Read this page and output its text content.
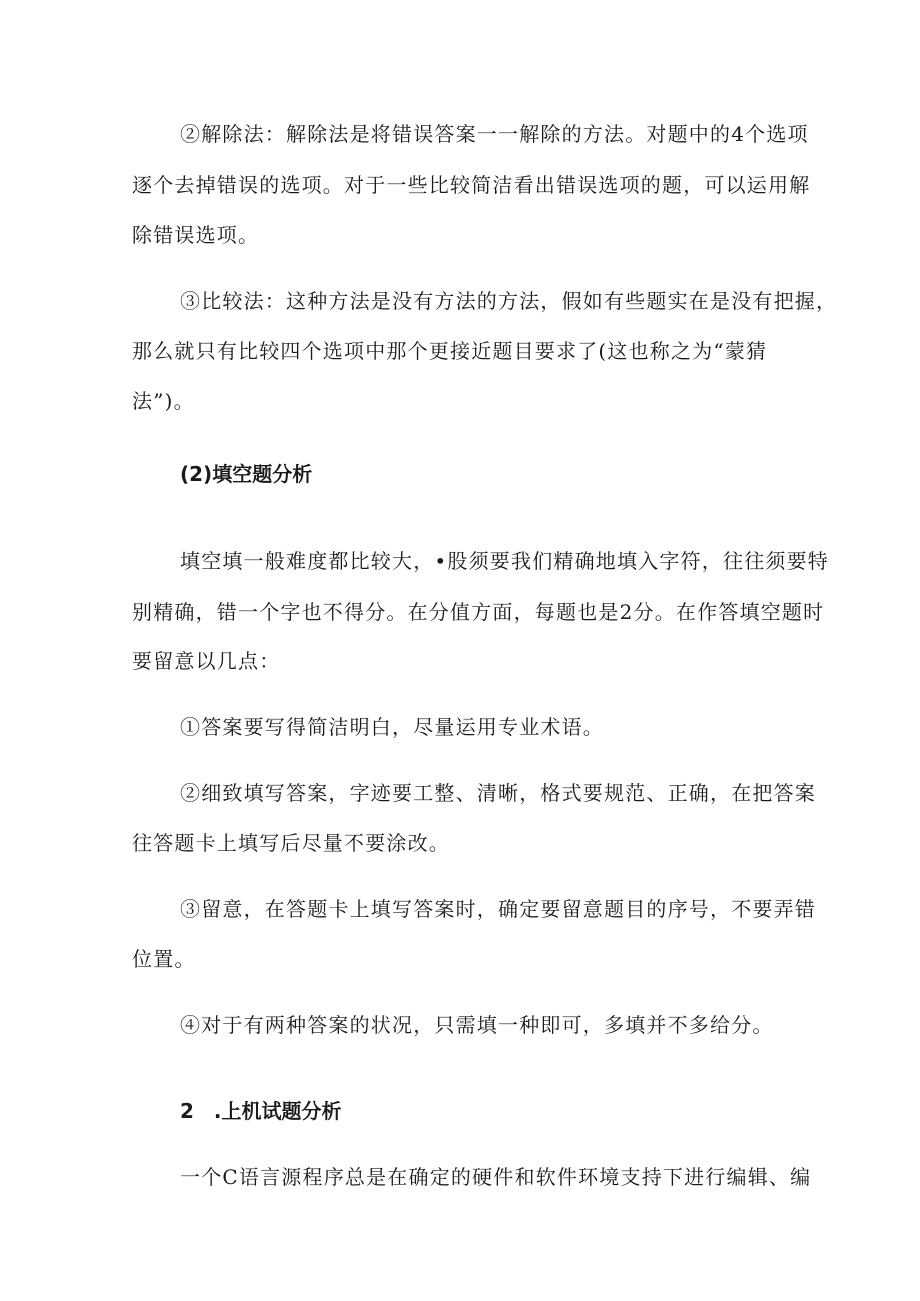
②解除法：解除法是将错误答案一一解除的方法。对题中的4个选项
逐个去掉错误的选项。对于一些比较简洁看出错误选项的题，可以运用解
除错误选项。
③比较法：这种方法是没有方法的方法，假如有些题实在是没有把握，
那么就只有比较四个选项中那个更接近题目要求了(这也称之为“蒙猜
法”)。
(2)填空题分析
填空填一般难度都比较大，•股须要我们精确地填入字符，往往须要特
别精确，错一个字也不得分。在分值方面，每题也是2分。在作答填空题时
要留意以几点：
①答案要写得简洁明白，尽量运用专业术语。
②细致填写答案，字迹要工整、清晰，格式要规范、正确，在把答案
往答题卡上填写后尽量不要涂改。
③留意，在答题卡上填写答案时，确定要留意题目的序号，不要弄错
位置。
④对于有两种答案的状况，只需填一种即可，多填并不多给分。
2　.上机试题分析
一个C语言源程序总是在确定的硬件和软件环境支持下进行编辑、编
